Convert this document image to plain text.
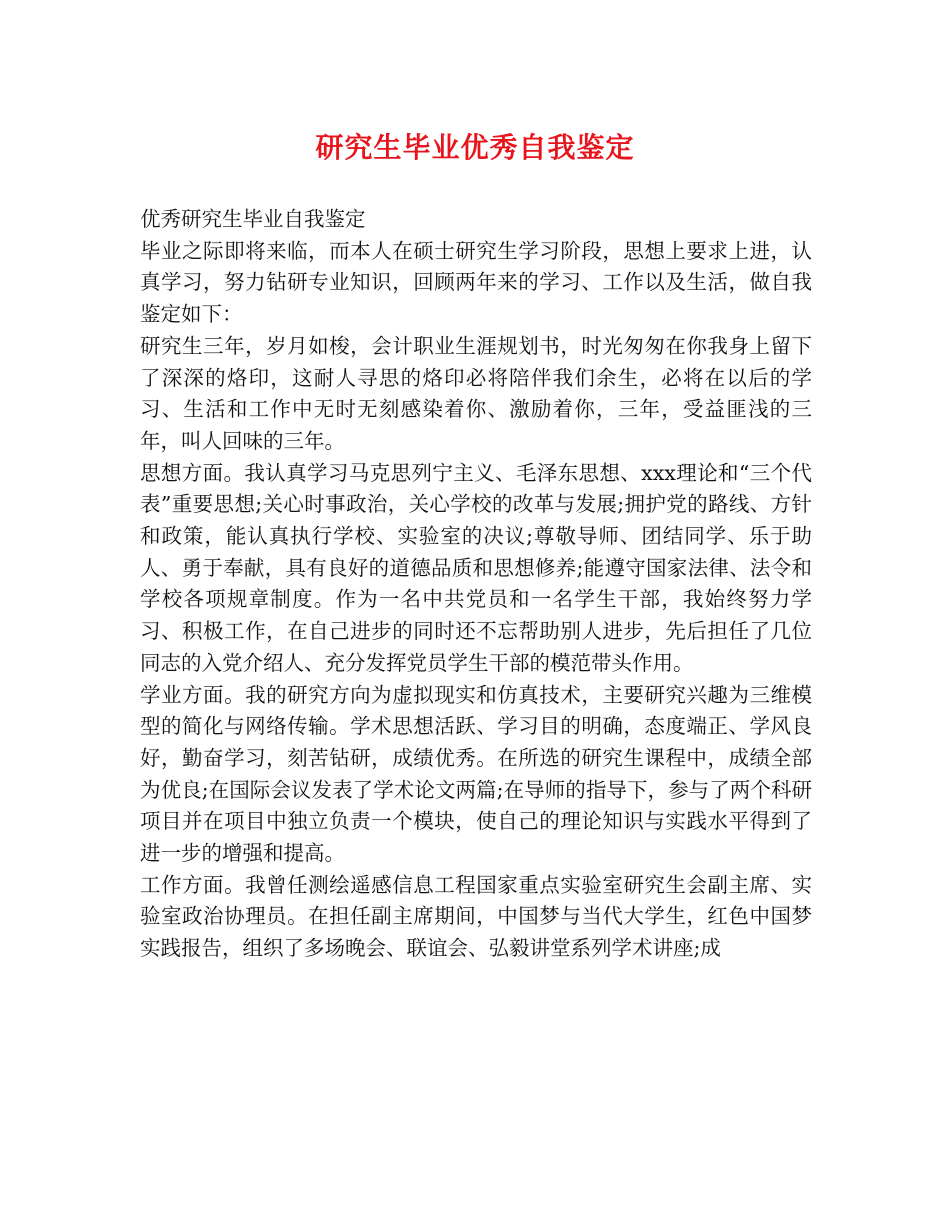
研究生毕业优秀自我鉴定

优秀研究生毕业自我鉴定

毕业之际即将来临，而本人在硕士研究生学习阶段，思想上要求上进，认真学习，努力钻研专业知识，回顾两年来的学习、工作以及生活，做自我鉴定如下：

研究生三年，岁月如梭，会计职业生涯规划书，时光匆匆在你我身上留下了深深的烙印，这耐人寻思的烙印必将陪伴我们余生，必将在以后的学习、生活和工作中无时无刻感染着你、激励着你，三年，受益匪浅的三年，叫人回味的三年。

思想方面。我认真学习马克思列宁主义、毛泽东思想、xxx理论和“三个代表”重要思想;关心时事政治，关心学校的改革与发展;拥护党的路线、方针和政策，能认真执行学校、实验室的决议;尊敬导师、团结同学、乐于助人、勇于奉献，具有良好的道德品质和思想修养;能遵守国家法律、法令和学校各项规章制度。作为一名中共党员和一名学生干部，我始终努力学习、积极工作，在自己进步的同时还不忘帮助别人进步，先后担任了几位同志的入党介绍人、充分发挥党员学生干部的模范带头作用。

学业方面。我的研究方向为虚拟现实和仿真技术，主要研究兴趣为三维模型的简化与网络传输。学术思想活跃、学习目的明确，态度端正、学风良好，勤奋学习，刻苦钻研，成绩优秀。在所选的研究生课程中，成绩全部为优良;在国际会议发表了学术论文两篇;在导师的指导下，参与了两个科研项目并在项目中独立负责一个模块，使自己的理论知识与实践水平得到了进一步的增强和提高。

工作方面。我曾任测绘遥感信息工程国家重点实验室研究生会副主席、实验室政治协理员。在担任副主席期间，中国梦与当代大学生，红色中国梦实践报告，组织了多场晚会、联谊会、弘毅讲堂系列学术讲座;成
